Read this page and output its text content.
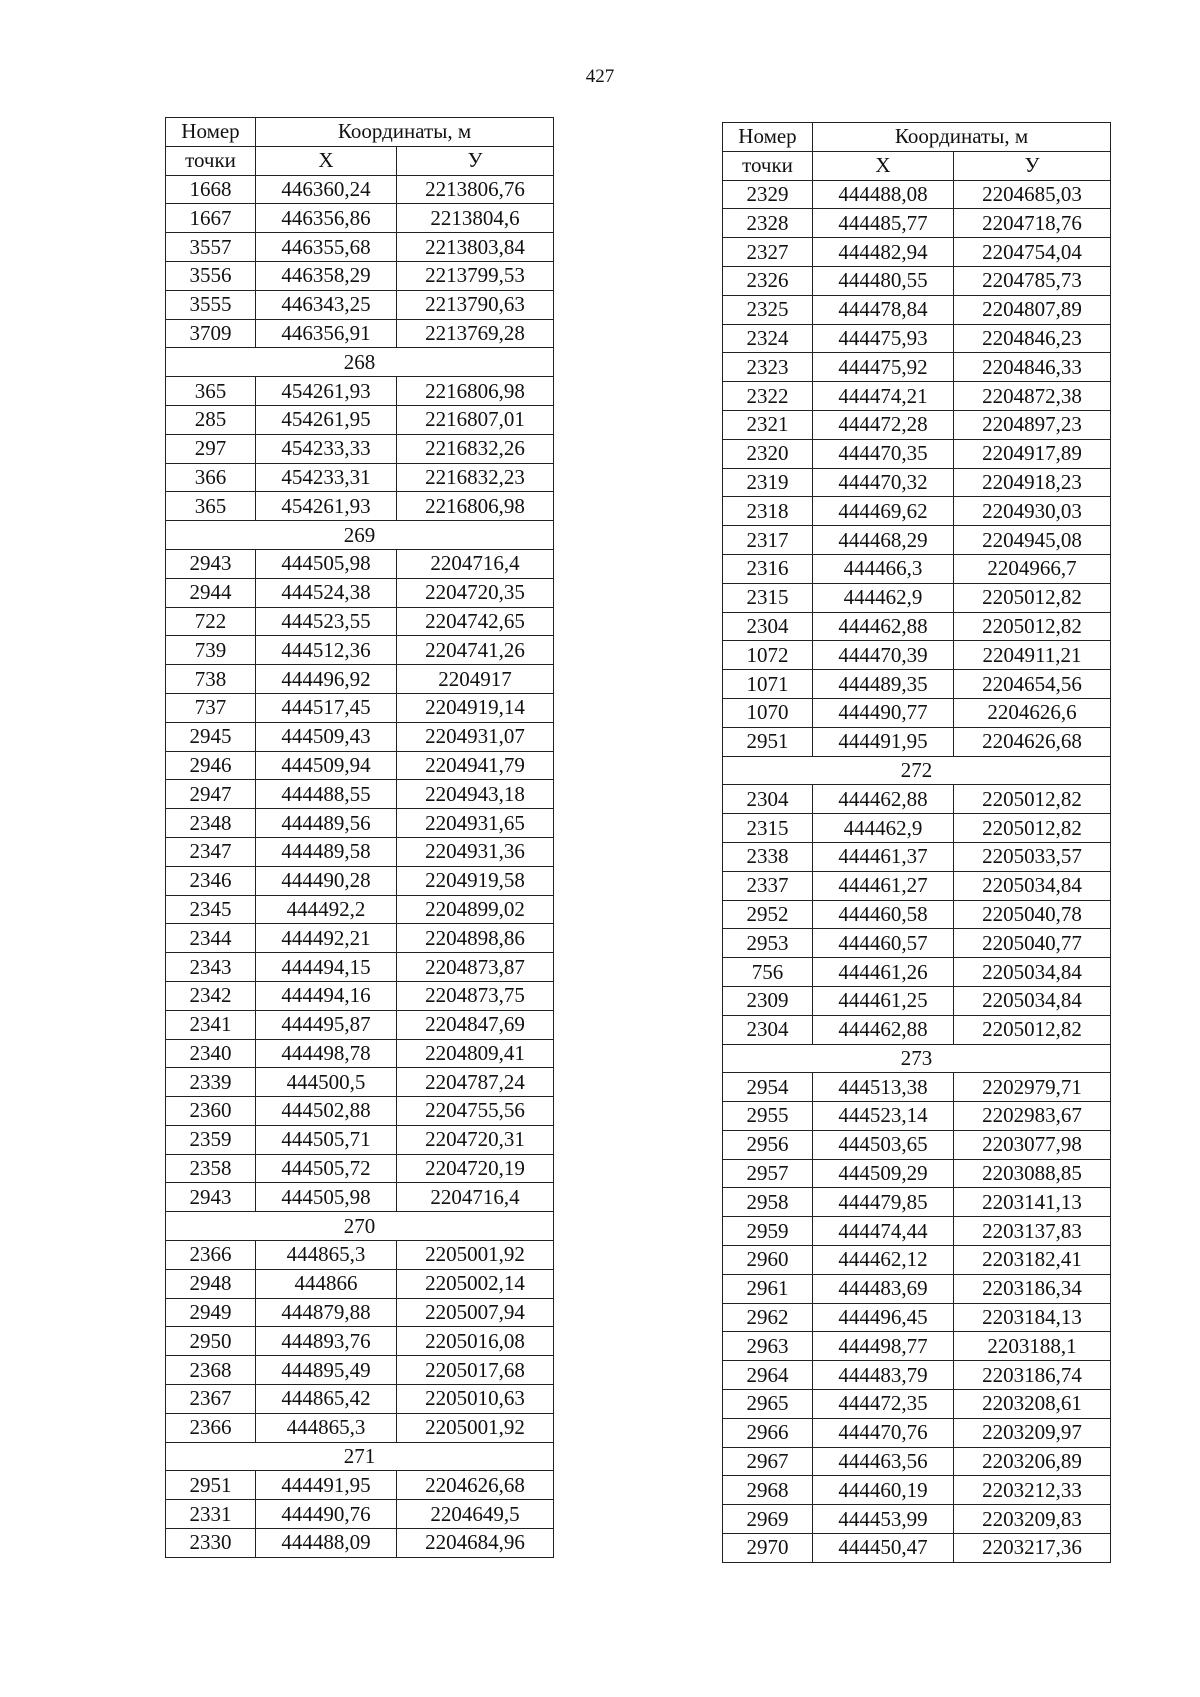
427
Номер	Координаты, м	
точки	Х	У
1668	446360,24	2213806,76
1667	446356,86	2213804,6
3557	446355,68	2213803,84
3556	446358,29	2213799,53
3555	446343,25	2213790,63
3709	446356,91	2213769,28
268		
365	454261,93	2216806,98
285	454261,95	2216807,01
297	454233,33	2216832,26
366	454233,31	2216832,23
365	454261,93	2216806,98
269		
2943	444505,98	2204716,4
2944	444524,38	2204720,35
722	444523,55	2204742,65
739	444512,36	2204741,26
738	444496,92	2204917
737	444517,45	2204919,14
2945	444509,43	2204931,07
2946	444509,94	2204941,79
2947	444488,55	2204943,18
2348	444489,56	2204931,65
2347	444489,58	2204931,36
2346	444490,28	2204919,58
2345	444492,2	2204899,02
2344	444492,21	2204898,86
2343	444494,15	2204873,87
2342	444494,16	2204873,75
2341	444495,87	2204847,69
2340	444498,78	2204809,41
2339	444500,5	2204787,24
2360	444502,88	2204755,56
2359	444505,71	2204720,31
2358	444505,72	2204720,19
2943	444505,98	2204716,4
270		
2366	444865,3	2205001,92
2948	444866	2205002,14
2949	444879,88	2205007,94
2950	444893,76	2205016,08
2368	444895,49	2205017,68
2367	444865,42	2205010,63
2366	444865,3	2205001,92
271		
2951	444491,95	2204626,68
2331	444490,76	2204649,5
2330	444488,09	2204684,96
Номер	Координаты, м	
точки	Х	У
2329	444488,08	2204685,03
2328	444485,77	2204718,76
2327	444482,94	2204754,04
2326	444480,55	2204785,73
2325	444478,84	2204807,89
2324	444475,93	2204846,23
2323	444475,92	2204846,33
2322	444474,21	2204872,38
2321	444472,28	2204897,23
2320	444470,35	2204917,89
2319	444470,32	2204918,23
2318	444469,62	2204930,03
2317	444468,29	2204945,08
2316	444466,3	2204966,7
2315	444462,9	2205012,82
2304	444462,88	2205012,82
1072	444470,39	2204911,21
1071	444489,35	2204654,56
1070	444490,77	2204626,6
2951	444491,95	2204626,68
272		
2304	444462,88	2205012,82
2315	444462,9	2205012,82
2338	444461,37	2205033,57
2337	444461,27	2205034,84
2952	444460,58	2205040,78
2953	444460,57	2205040,77
756	444461,26	2205034,84
2309	444461,25	2205034,84
2304	444462,88	2205012,82
273		
2954	444513,38	2202979,71
2955	444523,14	2202983,67
2956	444503,65	2203077,98
2957	444509,29	2203088,85
2958	444479,85	2203141,13
2959	444474,44	2203137,83
2960	444462,12	2203182,41
2961	444483,69	2203186,34
2962	444496,45	2203184,13
2963	444498,77	2203188,1
2964	444483,79	2203186,74
2965	444472,35	2203208,61
2966	444470,76	2203209,97
2967	444463,56	2203206,89
2968	444460,19	2203212,33
2969	444453,99	2203209,83
2970	444450,47	2203217,36
